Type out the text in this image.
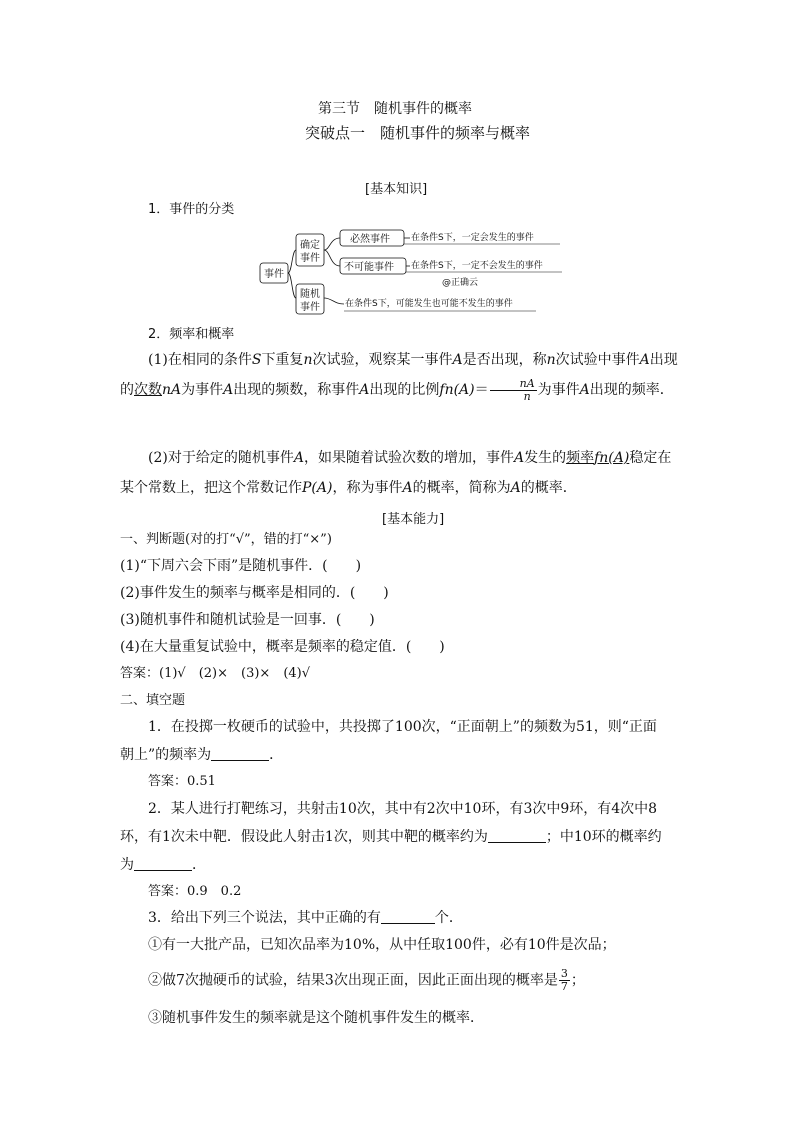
第三节　随机事件的概率
突破点一　随机事件的频率与概率
[基本知识]
1．事件的分类
事件
确定
事件
随机
事件
必然事件 在条件S下，一定会发生的事件
不可能事件 在条件S下，一定不会发生的事件
@正确云
在条件S下，可能发生也可能不发生的事件
2．频率和概率
(1)在相同的条件S下重复n次试验，观察某一事件A是否出现，称n次试验中事件A出现的次数nA为事件A出现的频数，称事件A出现的比例$fn(A)= \frac{nA}{n}$ 为事件A出现的频率．
(2)对于给定的随机事件A，如果随着试验次数的增加，事件A发生的频率fn(A)稳定在某个常数上，把这个常数记作P(A)，称为事件A的概率，简称为A的概率．
[基本能力]
一、判断题(对的打“√”，错的打“×”)
(1)“下周六会下雨”是随机事件．(　　)
(2)事件发生的频率与概率是相同的．(　　)
(3)随机事件和随机试验是一回事．(　　)
(4)在大量重复试验中，概率是频率的稳定值．(　　)
答案：(1)√　(2)×　(3)×　(4)√
二、填空题
1．在投掷一枚硬币的试验中，共投掷了100次，“正面朝上”的频数为51，则“正面
朝上”的频率为	．
答案：0.51
2．某人进行打靶练习，共射击10次，其中有2次中10环，有3次中9环，有4次中8
环，有1次未中靶．假设此人射击1次，则其中靶的概率约为	；中10环的概率约
为	．
答案：0.9　0.2
3．给出下列三个说法，其中正确的有	个．
①有一大批产品，已知次品率为10%，从中任取100件，必有10件是次品；
②做7次抛硬币的试验，结果3次出现正面，因此正面出现的概率是 $\frac{3}{7}$ ；
③随机事件发生的频率就是这个随机事件发生的概率．
